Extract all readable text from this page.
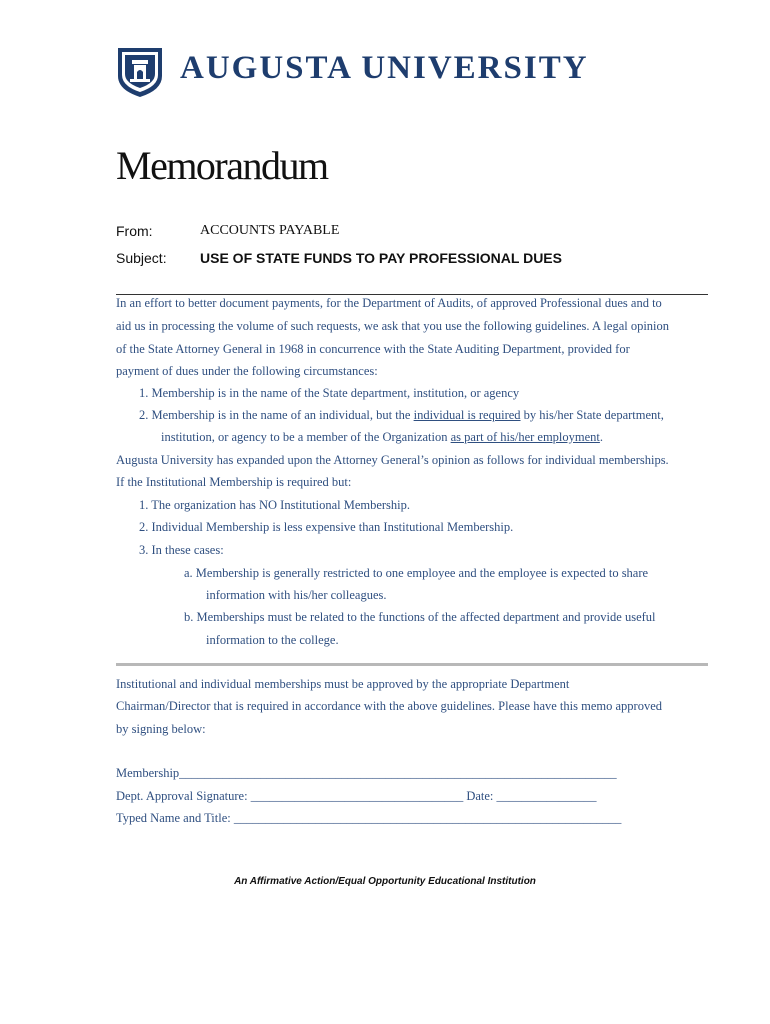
AUGUSTA UNIVERSITY
Memorandum
From:	ACCOUNTS PAYABLE
Subject: USE OF STATE FUNDS TO PAY PROFESSIONAL DUES
In an effort to better document payments, for the Department of Audits, of approved Professional dues and to
aid us in processing the volume of such requests, we ask that you use the following guidelines. A legal opinion
of the State Attorney General in 1968 in concurrence with the State Auditing Department, provided for
payment of dues under the following circumstances:
1. Membership is in the name of the State department, institution, or agency
2. Membership is in the name of an individual, but the individual is required by his/her State department,
institution, or agency to be a member of the Organization as part of his/her employment.
Augusta University has expanded upon the Attorney General’s opinion as follows for individual memberships.
If the Institutional Membership is required but:
1. The organization has NO Institutional Membership.
2. Individual Membership is less expensive than Institutional Membership.
3. In these cases:
a. Membership is generally restricted to one employee and the employee is expected to share
information with his/her colleagues.
b. Memberships must be related to the functions of the affected department and provide useful
information to the college.
Institutional and individual memberships must be approved by the appropriate Department
Chairman/Director that is required in accordance with the above guidelines. Please have this memo approved
by signing below:
Membership______________________________________________________________________
Dept. Approval Signature: __________________________________ Date: ________________
Typed Name and Title: ______________________________________________________________
An Affirmative Action/Equal Opportunity Educational Institution
